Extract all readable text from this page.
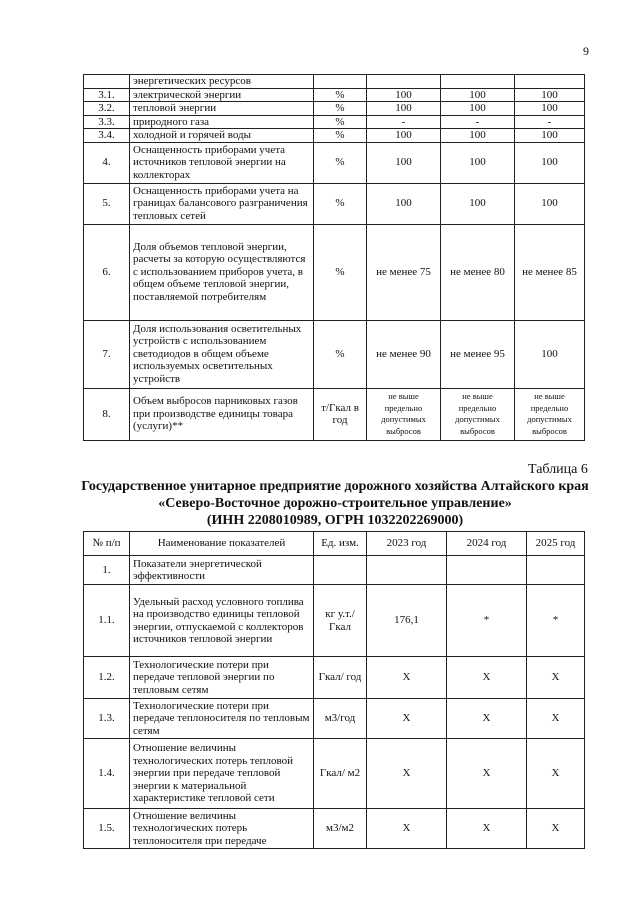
9
	энергетических ресурсов				
3.1.	электрической энергии	%	100	100	100
3.2.	тепловой энергии	%	100	100	100
3.3.	природного газа	%	-	-	-
3.4.	холодной и горячей воды	%	100	100	100
4.	Оснащенность приборами учета источников тепловой энергии на коллекторах	%	100	100	100
5.	Оснащенность приборами учета на границах балансового разграничения тепловых сетей	%	100	100	100
6.	Доля объемов тепловой энергии, расчеты за которую осуществляются с использованием приборов учета, в общем объеме тепловой энергии, поставляемой потребителям	%	не менее 75	не менее 80	не менее 85
7.	Доля использования осветительных устройств с использованием светодиодов в общем объеме используемых осветительных устройств	%	не менее 90	не менее 95	100
8.	Объем выбросов парниковых газов при производстве единицы товара (услуги)**	т/Гкал в год	не выше предельно допустимых выбросов	не выше предельно допустимых выбросов	не выше предельно допустимых выбросов
Таблица 6
Государственное унитарное предприятие дорожного хозяйства Алтайского края «Северо-Восточное дорожно-строительное управление»
(ИНН 2208010989, ОГРН 1032202269000)
№ п/п	Наименование показателей	Ед. изм.	2023 год	2024 год	2025 год
1.	Показатели энергетической эффективности				
1.1.	Удельный расход условного топлива на производство единицы тепловой энергии, отпускаемой с коллекторов источников тепловой энергии	кг у.т./ Гкал	176,1	*	*
1.2.	Технологические потери при передаче тепловой энергии по тепловым сетям	Гкал/ год	Х	Х	Х
1.3.	Технологические потери при передаче теплоносителя по тепловым сетям	м3/год	Х	Х	Х
1.4.	Отношение величины технологических потерь тепловой энергии при передаче тепловой энергии к материальной характеристике тепловой сети	Гкал/ м2	Х	Х	Х
1.5.	Отношение величины технологических потерь теплоносителя при передаче	м3/м2	Х	Х	Х
